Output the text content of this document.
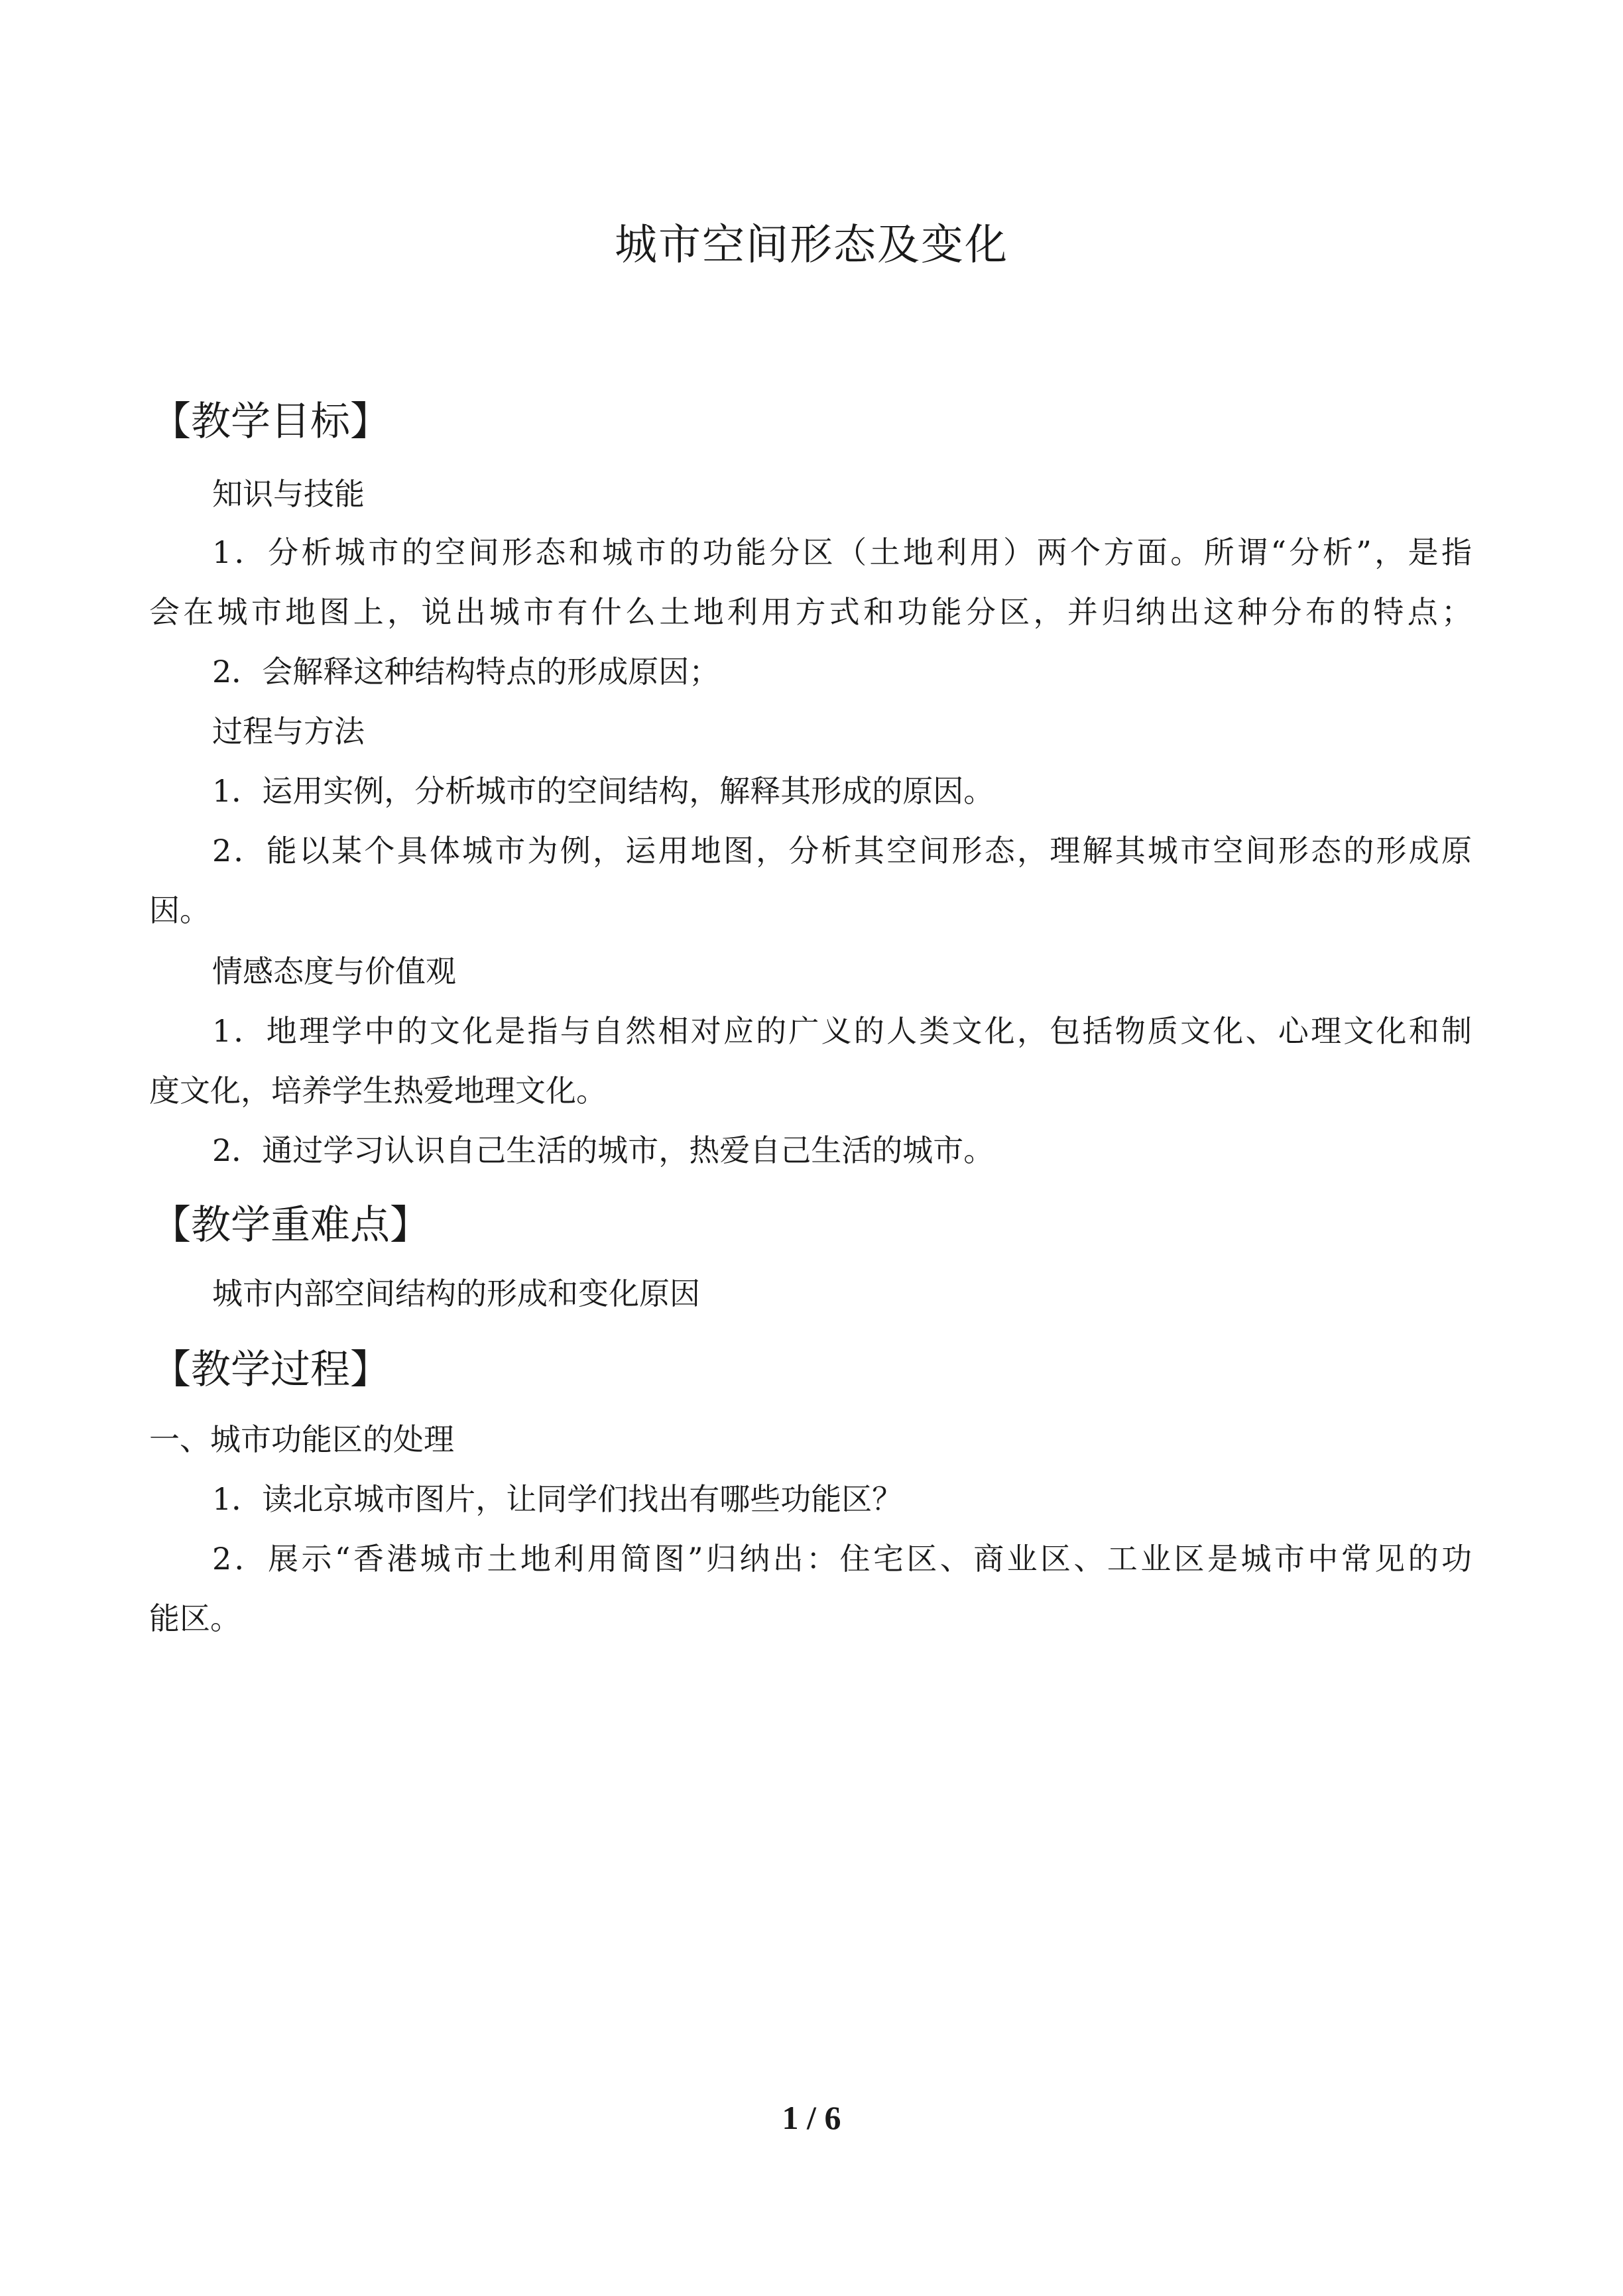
城市空间形态及变化
【教学目标】
知识与技能
1．分析城市的空间形态和城市的功能分区（土地利用）两个方面。所谓“分析”，是指
会在城市地图上，说出城市有什么土地利用方式和功能分区，并归纳出这种分布的特点；
2．会解释这种结构特点的形成原因；
过程与方法
1．运用实例，分析城市的空间结构，解释其形成的原因。
2．能以某个具体城市为例，运用地图，分析其空间形态，理解其城市空间形态的形成原
因。
情感态度与价值观
1．地理学中的文化是指与自然相对应的广义的人类文化，包括物质文化、心理文化和制
度文化，培养学生热爱地理文化。
2．通过学习认识自己生活的城市，热爱自己生活的城市。
【教学重难点】
城市内部空间结构的形成和变化原因
【教学过程】
一、城市功能区的处理
1．读北京城市图片，让同学们找出有哪些功能区？
2．展示“香港城市土地利用简图”归纳出：住宅区、商业区、工业区是城市中常见的功
能区。
1 / 6
